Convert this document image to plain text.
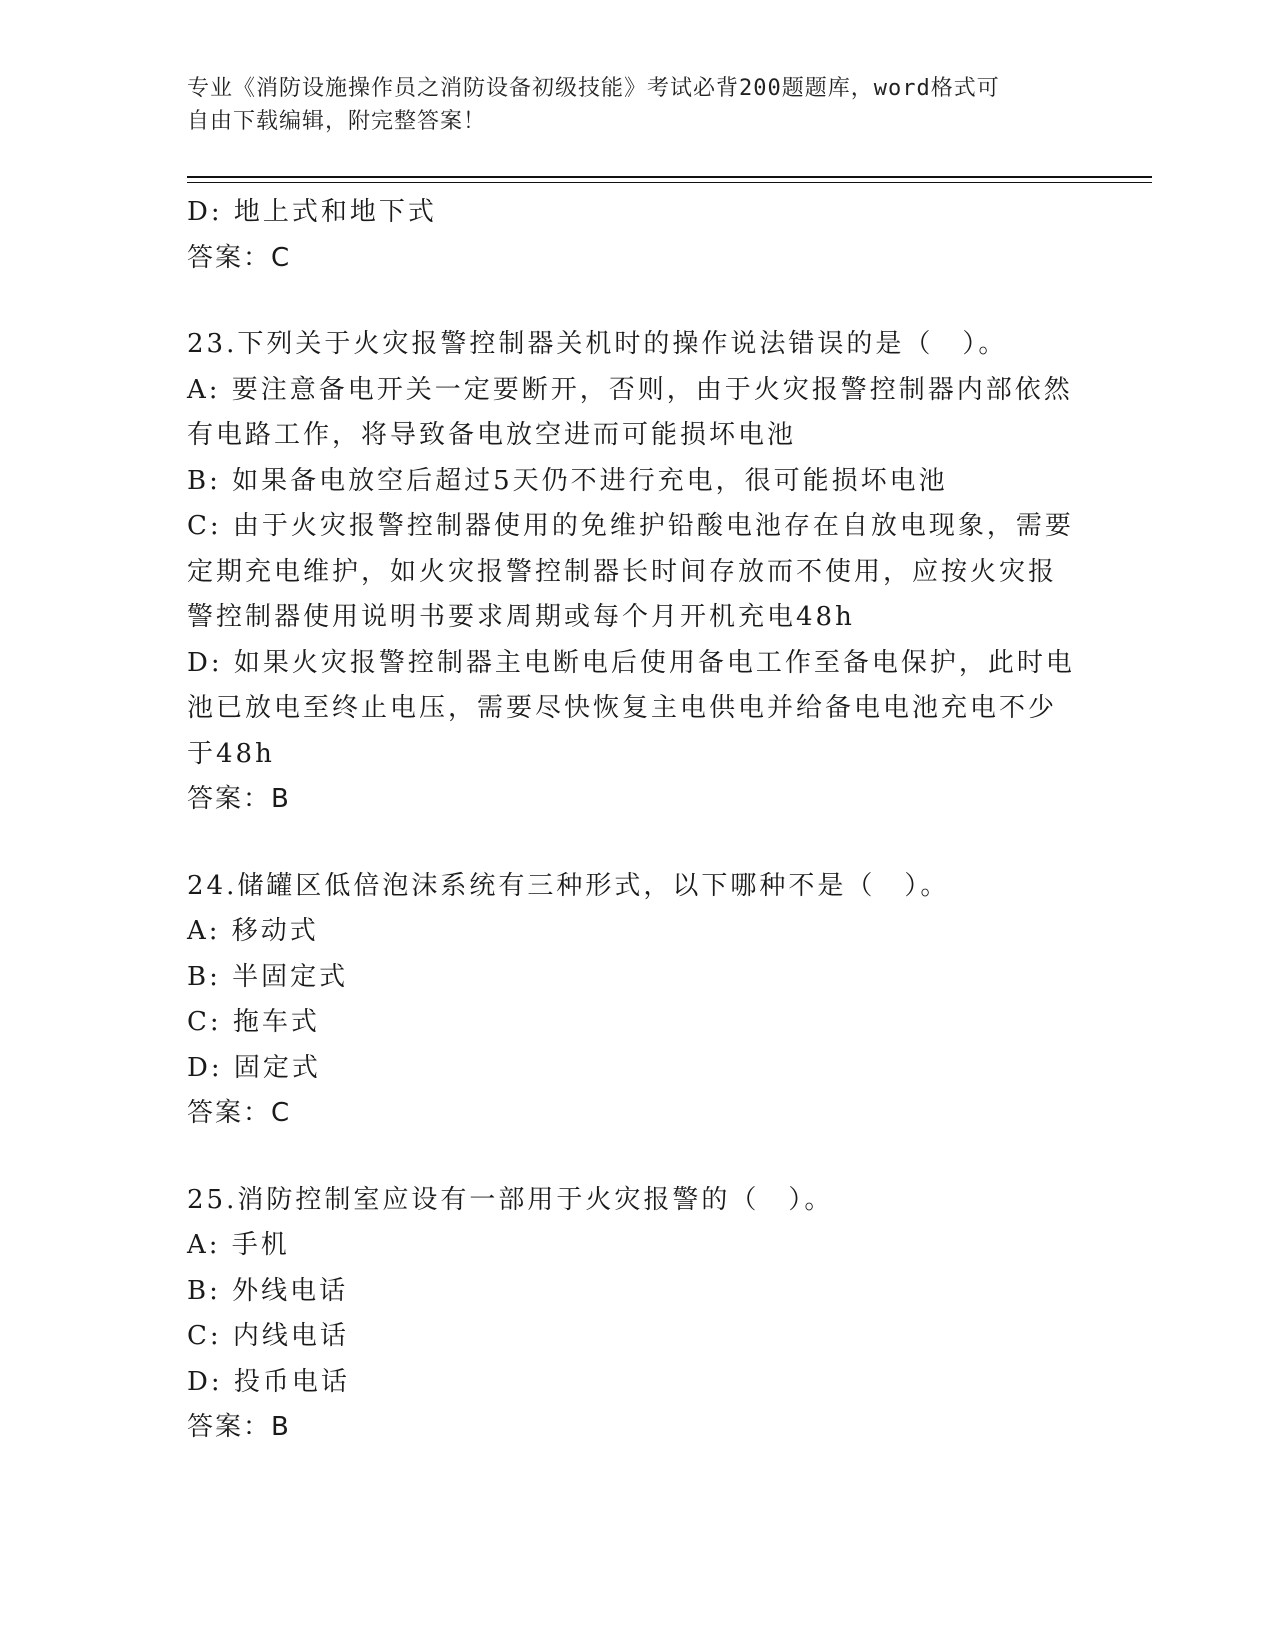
专业《消防设施操作员之消防设备初级技能》考试必背200题题库，word格式可
自由下载编辑，附完整答案！
D: 地上式和地下式
答案：C
23.下列关于火灾报警控制器关机时的操作说法错误的是（　）。
A: 要注意备电开关一定要断开，否则，由于火灾报警控制器内部依然
有电路工作，将导致备电放空进而可能损坏电池
B: 如果备电放空后超过5天仍不进行充电，很可能损坏电池
C: 由于火灾报警控制器使用的免维护铅酸电池存在自放电现象，需要
定期充电维护，如火灾报警控制器长时间存放而不使用，应按火灾报
警控制器使用说明书要求周期或每个月开机充电48h
D: 如果火灾报警控制器主电断电后使用备电工作至备电保护，此时电
池已放电至终止电压，需要尽快恢复主电供电并给备电电池充电不少
于48h
答案：B
24.储罐区低倍泡沫系统有三种形式，以下哪种不是（　）。
A: 移动式
B: 半固定式
C: 拖车式
D: 固定式
答案：C
25.消防控制室应设有一部用于火灾报警的（　）。
A: 手机
B: 外线电话
C: 内线电话
D: 投币电话
答案：B
